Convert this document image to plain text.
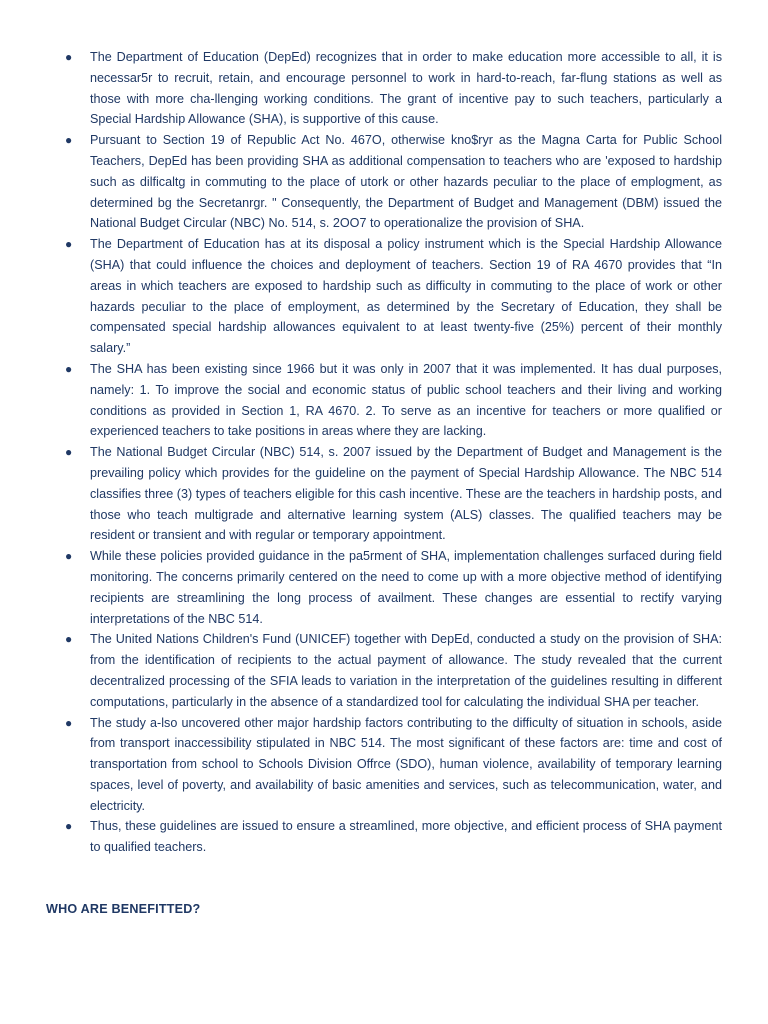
● The Department of Education (DepEd) recognizes that in order to make education more accessible to all, it is necessar5r to recruit, retain, and encourage personnel to work in hard-to-reach, far-flung stations as well as those with more cha-llenging working conditions. The grant of incentive pay to such teachers, particularly a Special Hardship Allowance (SHA), is supportive of this cause.
● Pursuant to Section 19 of Republic Act No. 467O, otherwise kno$ryr as the Magna Carta for Public School Teachers, DepEd has been providing SHA as additional compensation to teachers who are 'exposed to hardship such as dilficaltg in commuting to the place of utork or other hazards peculiar to the place of emplogment, as determined bg the Secretanrgr. " Consequently, the Department of Budget and Management (DBM) issued the National Budget Circular (NBC) No. 514, s. 2OO7 to operationalize the provision of SHA.
● The Department of Education has at its disposal a policy instrument which is the Special Hardship Allowance (SHA) that could influence the choices and deployment of teachers. Section 19 of RA 4670 provides that “In areas in which teachers are exposed to hardship such as difficulty in commuting to the place of work or other hazards peculiar to the place of employment, as determined by the Secretary of Education, they shall be compensated special hardship allowances equivalent to at least twenty-five (25%) percent of their monthly salary.”
● The SHA has been existing since 1966 but it was only in 2007 that it was implemented. It has dual purposes, namely: 1. To improve the social and economic status of public school teachers and their living and working conditions as provided in Section 1, RA 4670. 2. To serve as an incentive for teachers or more qualified or experienced teachers to take positions in areas where they are lacking.
● The National Budget Circular (NBC) 514, s. 2007 issued by the Department of Budget and Management is the prevailing policy which provides for the guideline on the payment of Special Hardship Allowance. The NBC 514 classifies three (3) types of teachers eligible for this cash incentive. These are the teachers in hardship posts, and those who teach multigrade and alternative learning system (ALS) classes. The qualified teachers may be resident or transient and with regular or temporary appointment.
● While these policies provided guidance in the pa5rment of SHA, implementation challenges surfaced during field monitoring. The concerns primarily centered on the need to come up with a more objective method of identifying recipients are streamlining the long process of availment. These changes are essential to rectify varying interpretations of the NBC 514.
● The United Nations Children's Fund (UNICEF) together with DepEd, conducted a study on the provision of SHA: from the identification of recipients to the actual payment of allowance. The study revealed that the current decentralized processing of the SFIA leads to variation in the interpretation of the guidelines resulting in different computations, particularly in the absence of a standardized tool for calculating the individual SHA per teacher.
● The study a-lso uncovered other major hardship factors contributing to the difficulty of situation in schools, aside from transport inaccessibility stipulated in NBC 514. The most significant of these factors are: time and cost of transportation from school to Schools Division Offrce (SDO), human violence, availability of temporary learning spaces, level of poverty, and availability of basic amenities and services, such as telecommunication, water, and electricity.
● Thus, these guidelines are issued to ensure a streamlined, more objective, and efficient process of SHA payment to qualified teachers.
WHO ARE BENEFITTED?
